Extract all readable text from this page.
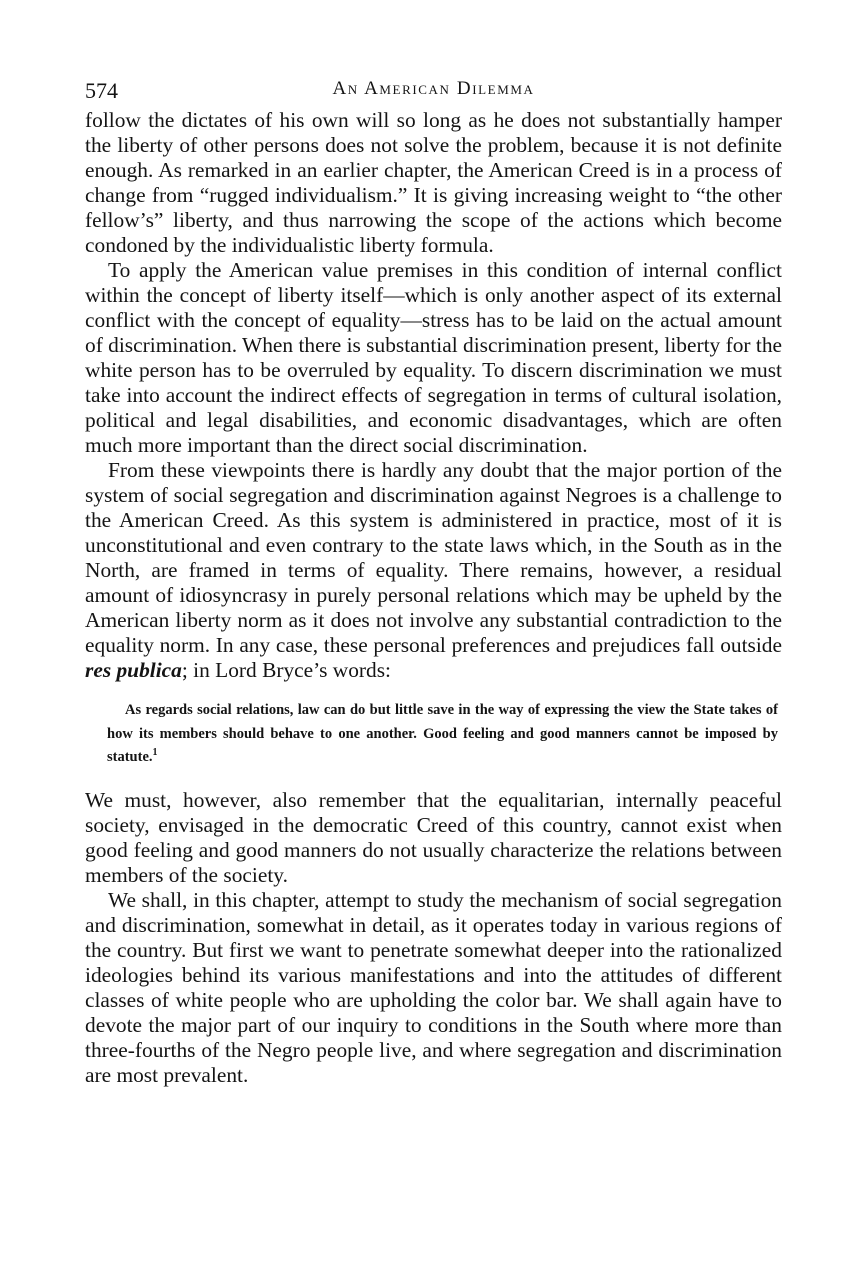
574	An American Dilemma

follow the dictates of his own will so long as he does not substantially hamper the liberty of other persons does not solve the problem, because it is not definite enough. As remarked in an earlier chapter, the American Creed is in a process of change from “rugged individualism.” It is giving increasing weight to “the other fellow’s” liberty, and thus narrowing the scope of the actions which become condoned by the individualistic liberty formula.

To apply the American value premises in this condition of internal conflict within the concept of liberty itself—which is only another aspect of its external conflict with the concept of equality—stress has to be laid on the actual amount of discrimination. When there is substantial discrimination present, liberty for the white person has to be overruled by equality. To discern discrimination we must take into account the indirect effects of segregation in terms of cultural isolation, political and legal disabilities, and economic disadvantages, which are often much more important than the direct social discrimination.

From these viewpoints there is hardly any doubt that the major portion of the system of social segregation and discrimination against Negroes is a challenge to the American Creed. As this system is administered in practice, most of it is unconstitutional and even contrary to the state laws which, in the South as in the North, are framed in terms of equality. There remains, however, a residual amount of idiosyncrasy in purely personal relations which may be upheld by the American liberty norm as it does not involve any substantial contradiction to the equality norm. In any case, these personal preferences and prejudices fall outside res publica; in Lord Bryce’s words:

As regards social relations, law can do but little save in the way of expressing the view the State takes of how its members should behave to one another. Good feeling and good manners cannot be imposed by statute.$^1$

We must, however, also remember that the equalitarian, internally peaceful society, envisaged in the democratic Creed of this country, cannot exist when good feeling and good manners do not usually characterize the relations between members of the society.

We shall, in this chapter, attempt to study the mechanism of social segregation and discrimination, somewhat in detail, as it operates today in various regions of the country. But first we want to penetrate somewhat deeper into the rationalized ideologies behind its various manifestations and into the attitudes of different classes of white people who are upholding the color bar. We shall again have to devote the major part of our inquiry to conditions in the South where more than three-fourths of the Negro people live, and where segregation and discrimination are most prevalent.
